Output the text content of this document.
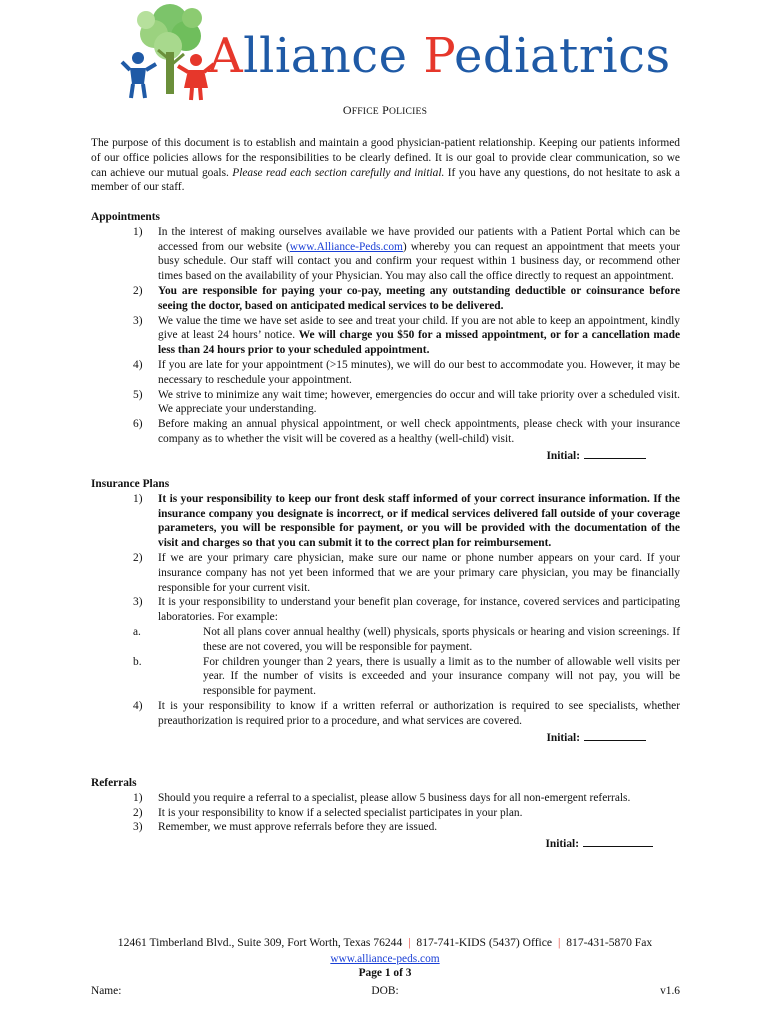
Alliance Pediatrics
OFFICE POLICIES
The purpose of this document is to establish and maintain a good physician-patient relationship. Keeping our patients informed of our office policies allows for the responsibilities to be clearly defined. It is our goal to provide clear communication, so we can achieve our mutual goals. Please read each section carefully and initial. If you have any questions, do not hesitate to ask a member of our staff.
Appointments
1) In the interest of making ourselves available we have provided our patients with a Patient Portal which can be accessed from our website (www.Alliance-Peds.com) whereby you can request an appointment that meets your busy schedule. Our staff will contact you and confirm your request within 1 business day, or recommend other times based on the availability of your Physician. You may also call the office directly to request an appointment.
2) You are responsible for paying your co-pay, meeting any outstanding deductible or coinsurance before seeing the doctor, based on anticipated medical services to be delivered.
3) We value the time we have set aside to see and treat your child. If you are not able to keep an appointment, kindly give at least 24 hours’ notice. We will charge you $50 for a missed appointment, or for a cancellation made less than 24 hours prior to your scheduled appointment.
4) If you are late for your appointment (>15 minutes), we will do our best to accommodate you. However, it may be necessary to reschedule your appointment.
5) We strive to minimize any wait time; however, emergencies do occur and will take priority over a scheduled visit. We appreciate your understanding.
6) Before making an annual physical appointment, or well check appointments, please check with your insurance company as to whether the visit will be covered as a healthy (well-child) visit.
Initial:
Insurance Plans
1) It is your responsibility to keep our front desk staff informed of your correct insurance information. If the insurance company you designate is incorrect, or if medical services delivered fall outside of your coverage parameters, you will be responsible for payment, or you will be provided with the documentation of the visit and charges so that you can submit it to the correct plan for reimbursement.
2) If we are your primary care physician, make sure our name or phone number appears on your card. If your insurance company has not yet been informed that we are your primary care physician, you may be financially responsible for your current visit.
3) It is your responsibility to understand your benefit plan coverage, for instance, covered services and participating laboratories. For example:
a.	Not all plans cover annual healthy (well) physicals, sports physicals or hearing and vision screenings. If these are not covered, you will be responsible for payment.
b.	For children younger than 2 years, there is usually a limit as to the number of allowable well visits per year. If the number of visits is exceeded and your insurance company will not pay, you will be responsible for payment.
4) It is your responsibility to know if a written referral or authorization is required to see specialists, whether preauthorization is required prior to a procedure, and what services are covered.
Initial:
Referrals
1) Should you require a referral to a specialist, please allow 5 business days for all non-emergent referrals.
2) It is your responsibility to know if a selected specialist participates in your plan.
3) Remember, we must approve referrals before they are issued.
Initial:
12461 Timberland Blvd., Suite 309, Fort Worth, Texas 76244 | 817-741-KIDS (5437) Office | 817-431-5870 Fax
www.alliance-peds.com
Page 1 of 3
Name:	DOB:	v1.6
